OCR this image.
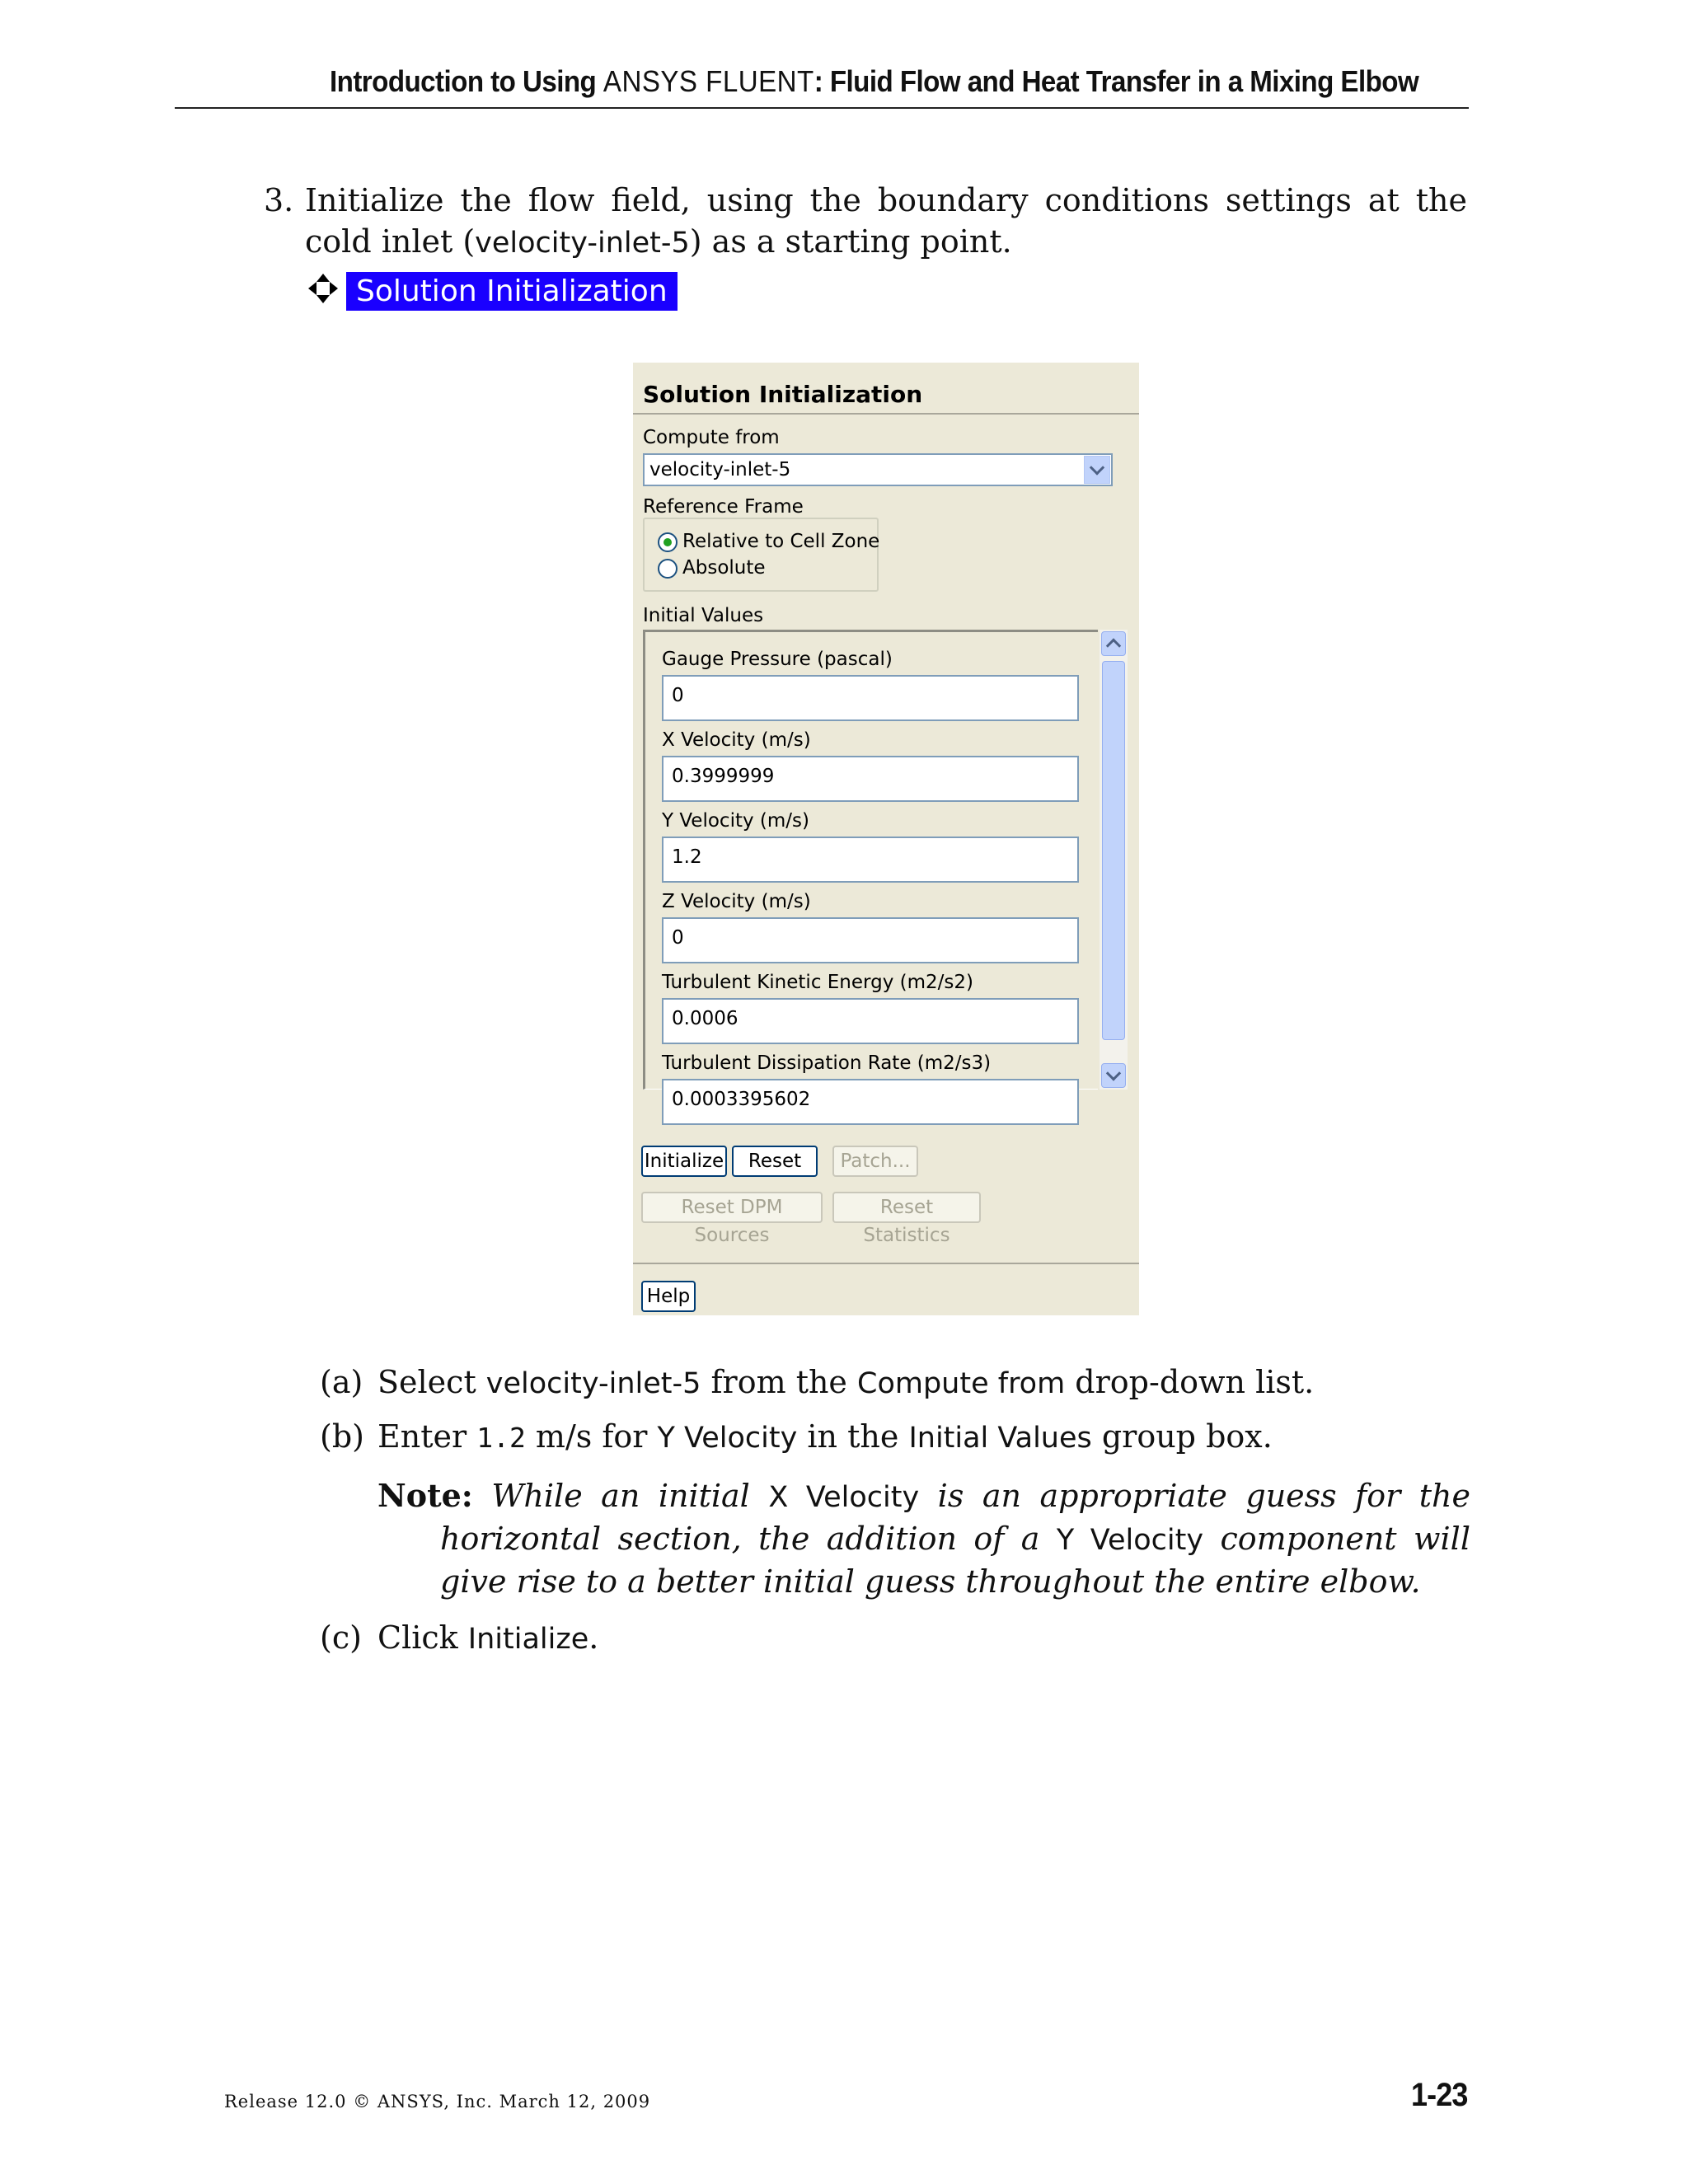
Introduction to Using ANSYS FLUENT: Fluid Flow and Heat Transfer in a Mixing Elbow
3. Initialize the flow field, using the boundary conditions settings at the cold inlet (velocity-inlet-5) as a starting point.
Solution Initialization
Solution Initialization
Compute from
velocity-inlet-5
Reference Frame
Relative to Cell Zone
Absolute
Initial Values
Gauge Pressure (pascal)
0
X Velocity (m/s)
0.3999999
Y Velocity (m/s)
1.2
Z Velocity (m/s)
0
Turbulent Kinetic Energy (m2/s2)
0.0006
Turbulent Dissipation Rate (m2/s3)
0.0003395602
Initialize	Reset	Patch...
Reset DPM Sources
Reset Statistics
Help
(a) Select velocity-inlet-5 from the Compute from drop-down list.
(b) Enter 1.2 m/s for Y Velocity in the Initial Values group box.
Note: While an initial X Velocity is an appropriate guess for the horizontal section, the addition of a Y Velocity component will give rise to a better initial guess throughout the entire elbow.
(c) Click Initialize.
Release 12.0 © ANSYS, Inc. March 12, 2009	1-23
